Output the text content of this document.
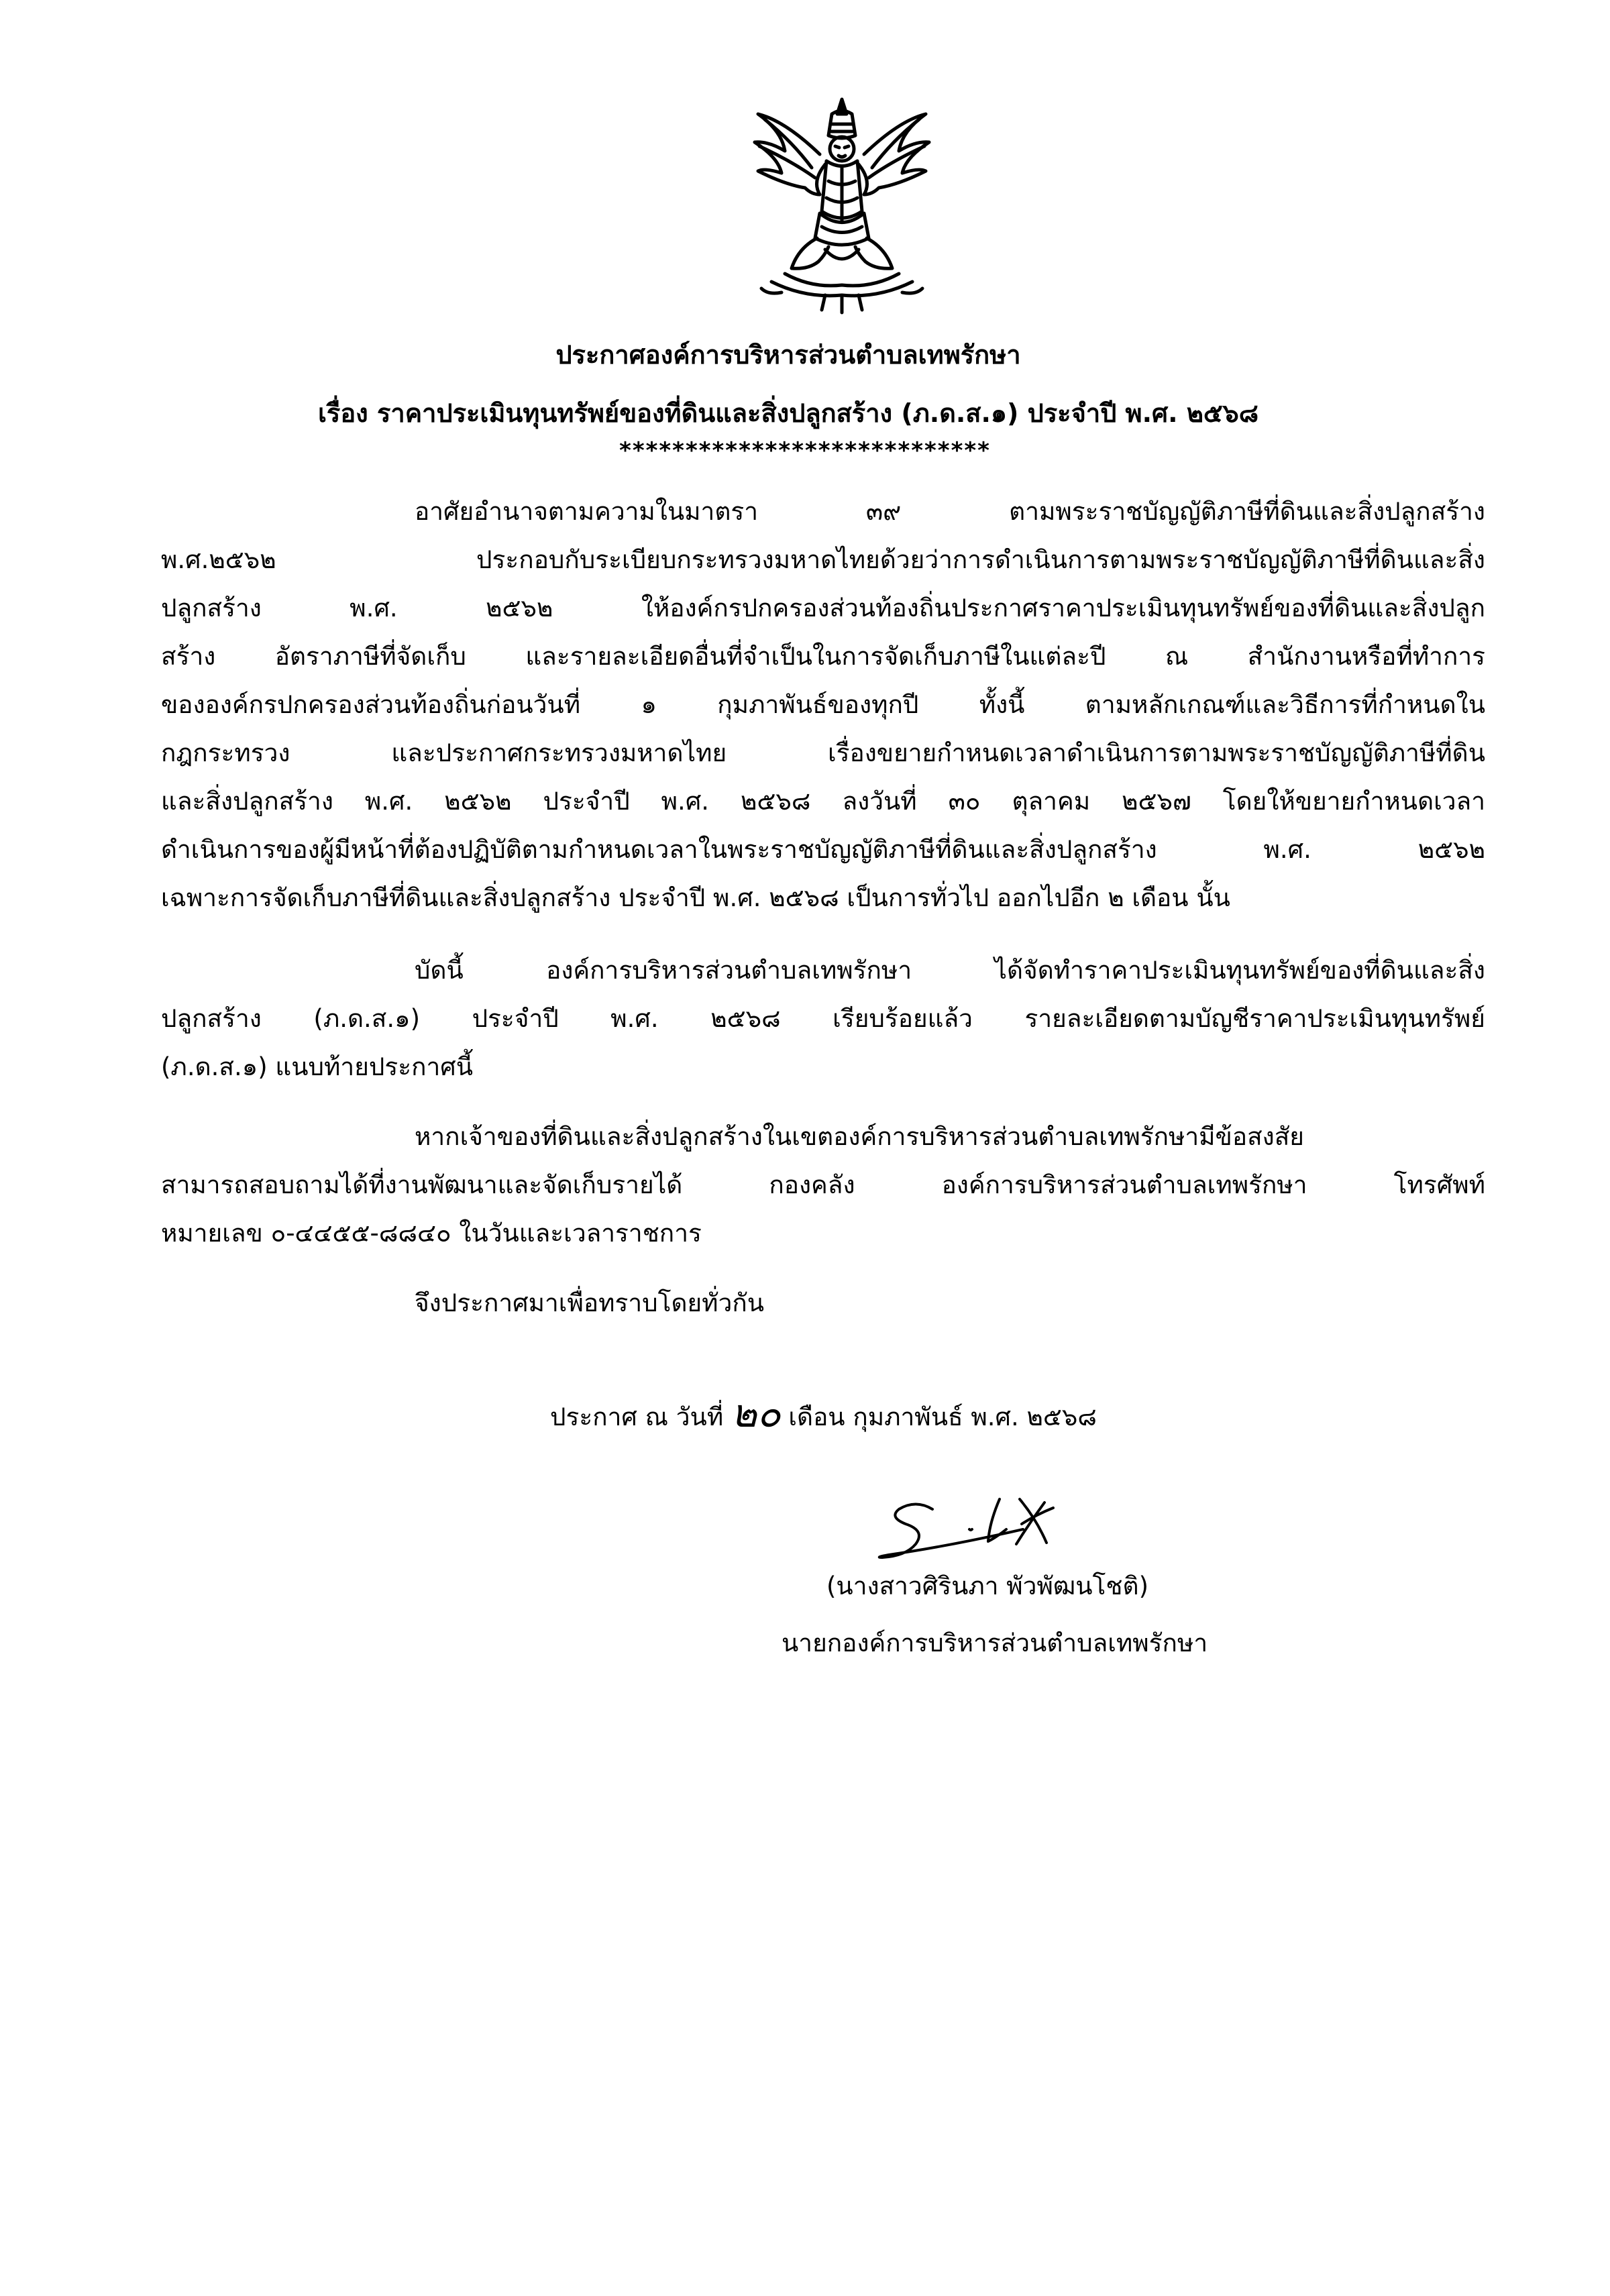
ประกาศองค์การบริหารส่วนตำบลเทพรักษา
เรื่อง ราคาประเมินทุนทรัพย์ของที่ดินและสิ่งปลูกสร้าง (ภ.ด.ส.๑) ประจำปี พ.ศ. ๒๕๖๘
****************************
อาศัยอำนาจตามความในมาตรา ๓๙ ตามพระราชบัญญัติภาษีที่ดินและสิ่งปลูกสร้าง
พ.ศ.๒๕๖๒ ประกอบกับระเบียบกระทรวงมหาดไทยด้วยว่าการดำเนินการตามพระราชบัญญัติภาษีที่ดินและสิ่ง
ปลูกสร้าง พ.ศ. ๒๕๖๒ ให้องค์กรปกครองส่วนท้องถิ่นประกาศราคาประเมินทุนทรัพย์ของที่ดินและสิ่งปลูก
สร้าง อัตราภาษีที่จัดเก็บ และรายละเอียดอื่นที่จำเป็นในการจัดเก็บภาษีในแต่ละปี ณ สำนักงานหรือที่ทำการ
ขององค์กรปกครองส่วนท้องถิ่นก่อนวันที่ ๑ กุมภาพันธ์ของทุกปี ทั้งนี้ ตามหลักเกณฑ์และวิธีการที่กำหนดใน
กฎกระทรวง และประกาศกระทรวงมหาดไทย เรื่องขยายกำหนดเวลาดำเนินการตามพระราชบัญญัติภาษีที่ดิน
และสิ่งปลูกสร้าง พ.ศ. ๒๕๖๒ ประจำปี พ.ศ. ๒๕๖๘ ลงวันที่ ๓๐ ตุลาคม ๒๕๖๗ โดยให้ขยายกำหนดเวลา
ดำเนินการของผู้มีหน้าที่ต้องปฏิบัติตามกำหนดเวลาในพระราชบัญญัติภาษีที่ดินและสิ่งปลูกสร้าง พ.ศ. ๒๕๖๒
เฉพาะการจัดเก็บภาษีที่ดินและสิ่งปลูกสร้าง ประจำปี พ.ศ. ๒๕๖๘ เป็นการทั่วไป ออกไปอีก ๒ เดือน นั้น
บัดนี้ องค์การบริหารส่วนตำบลเทพรักษา ได้จัดทำราคาประเมินทุนทรัพย์ของที่ดินและสิ่ง
ปลูกสร้าง (ภ.ด.ส.๑) ประจำปี พ.ศ. ๒๕๖๘ เรียบร้อยแล้ว รายละเอียดตามบัญชีราคาประเมินทุนทรัพย์
(ภ.ด.ส.๑) แนบท้ายประกาศนี้
หากเจ้าของที่ดินและสิ่งปลูกสร้างในเขตองค์การบริหารส่วนตำบลเทพรักษามีข้อสงสัย
สามารถสอบถามได้ที่งานพัฒนาและจัดเก็บรายได้ กองคลัง องค์การบริหารส่วนตำบลเทพรักษา โทรศัพท์
หมายเลข ๐-๔๔๕๕-๘๘๔๐ ในวันและเวลาราชการ
จึงประกาศมาเพื่อทราบโดยทั่วกัน
ประกาศ ณ วันที่ ๒๐ เดือน กุมภาพันธ์ พ.ศ. ๒๕๖๘
(นางสาวศิรินภา พัวพัฒนโชติ)
นายกองค์การบริหารส่วนตำบลเทพรักษา
